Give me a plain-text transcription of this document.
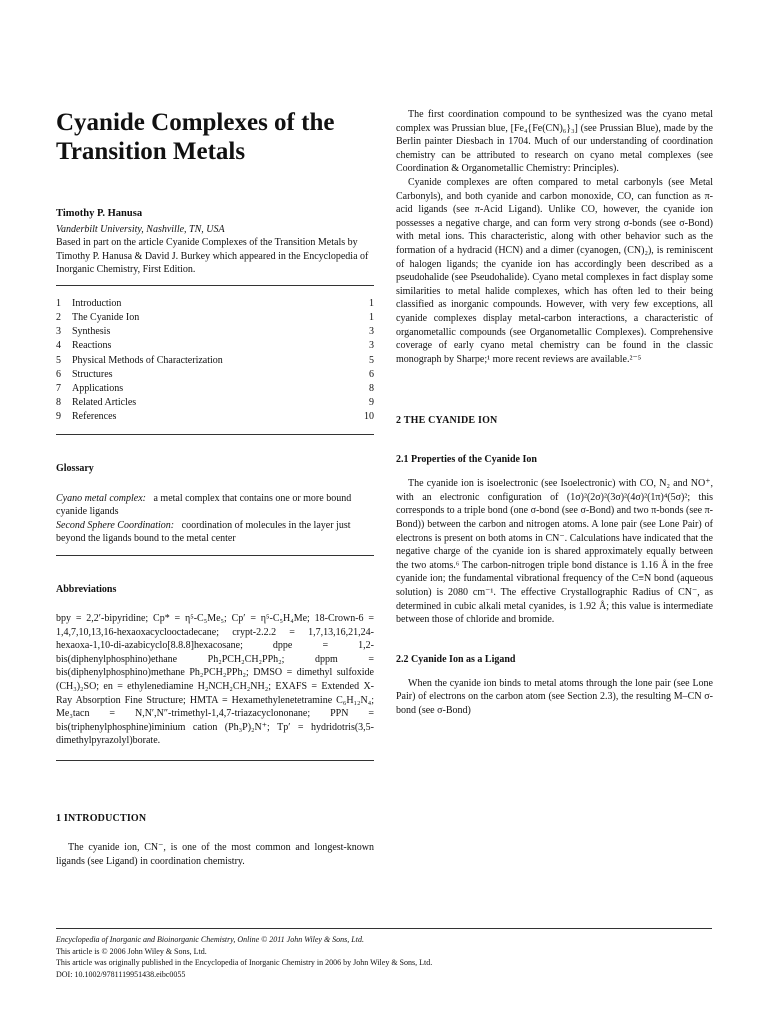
Cyanide Complexes of the Transition Metals
Timothy P. Hanusa
Vanderbilt University, Nashville, TN, USA

Based in part on the article Cyanide Complexes of the Transition Metals by Timothy P. Hanusa & David J. Burkey which appeared in the Encyclopedia of Inorganic Chemistry, First Edition.

1	Introduction	1
2	The Cyanide Ion	1
3	Synthesis	3
4	Reactions	3
5	Physical Methods of Characterization	5
6	Structures	6
7	Applications	8
8	Related Articles	9
9	References	10
Glossary

Cyano metal complex: a metal complex that contains one or more bound cyanide ligands

Second Sphere Coordination: coordination of molecules in the layer just beyond the ligands bound to the metal center

Abbreviations

bpy = 2,2′-bipyridine; Cp* = η⁵-C₅Me₅; Cp′ = η⁵-C₅H₄Me; 18-Crown-6 = 1,4,7,10,13,16-hexaoxacyclooctadecane; crypt-2.2.2 = 1,7,13,16,21,24-hexaoxa-1,10-di-azabicyclo[8.8.8]hexacosane; dppe = 1,2-bis(diphenylphosphino)ethane Ph₂PCH₂CH₂PPh₂; dppm = bis(diphenylphosphino)methane Ph₂PCH₂PPh₂; DMSO = dimethyl sulfoxide (CH₃)₂SO; en = ethylenediamine H₂NCH₂CH₂NH₂; EXAFS = Extended X-Ray Absorption Fine Structure; HMTA = Hexamethylenetetramine C₆H₁₂N₄; Me₃tacn = N,N′,N″-trimethyl-1,4,7-triazacyclononane; PPN = bis(triphenylphosphine)iminium cation (Ph₃P)₂N⁺; Tp′ = hydridotris(3,5-dimethylpyrazolyl)borate.

1 INTRODUCTION

The cyanide ion, CN⁻, is one of the most common and longest-known ligands (see Ligand) in coordination chemistry.

The first coordination compound to be synthesized was the cyano metal complex was Prussian blue, [Fe₄{Fe(CN)₆}₃] (see Prussian Blue), made by the Berlin painter Diesbach in 1704. Much of our understanding of coordination chemistry can be attributed to research on cyano metal complexes (see Coordination & Organometallic Chemistry: Principles).

Cyanide complexes are often compared to metal carbonyls (see Metal Carbonyls), and both cyanide and carbon monoxide, CO, can function as π-acid ligands (see π-Acid Ligand). Unlike CO, however, the cyanide ion possesses a negative charge, and can form very strong σ-bonds (see σ-Bond) with metal ions. This characteristic, along with other behavior such as the formation of a hydracid (HCN) and a dimer (cyanogen, (CN)₂), is reminiscent of halogen ligands; the cyanide ion has accordingly been described as a pseudohalide (see Pseudohalide). Cyano metal complexes in fact display some similarities to metal halide complexes, which has often led to their being classified as inorganic compounds. However, with very few exceptions, all cyanide complexes display metal-carbon interactions, a characteristic of organometallic compounds (see Organometallic Complexes). Comprehensive coverage of early cyano metal chemistry can be found in the classic monograph by Sharpe;¹ more recent reviews are available.²⁻⁵

2 THE CYANIDE ION
2.1 Properties of the Cyanide Ion

The cyanide ion is isoelectronic (see Isoelectronic) with CO, N₂ and NO⁺, with an electronic configuration of (1σ)²(2σ)²(3σ)²(4σ)²(1π)⁴(5σ)²; this corresponds to a triple bond (one σ-bond (see σ-Bond) and two π-bonds (see π-Bond)) between the carbon and nitrogen atoms. A lone pair (see Lone Pair) of electrons is present on both atoms in CN⁻. Calculations have indicated that the negative charge of the cyanide ion is shared approximately equally between the two atoms.⁶ The carbon-nitrogen triple bond distance is 1.16 Å in the free cyanide ion; the fundamental vibrational frequency of the C≡N bond (aqueous solution) is 2080 cm⁻¹. The effective Crystallographic Radius of CN⁻, as determined in cubic alkali metal cyanides, is 1.92 Å; this value is intermediate between those of chloride and bromide.

2.2 Cyanide Ion as a Ligand

When the cyanide ion binds to metal atoms through the lone pair (see Lone Pair) of electrons on the carbon atom (see Section 2.3), the resulting M–CN σ-bond (see σ-Bond)

Encyclopedia of Inorganic and Bioinorganic Chemistry, Online © 2011 John Wiley & Sons, Ltd.
This article is © 2006 John Wiley & Sons, Ltd.
This article was originally published in the Encyclopedia of Inorganic Chemistry in 2006 by John Wiley & Sons, Ltd.
DOI: 10.1002/9781119951438.eibc0055
